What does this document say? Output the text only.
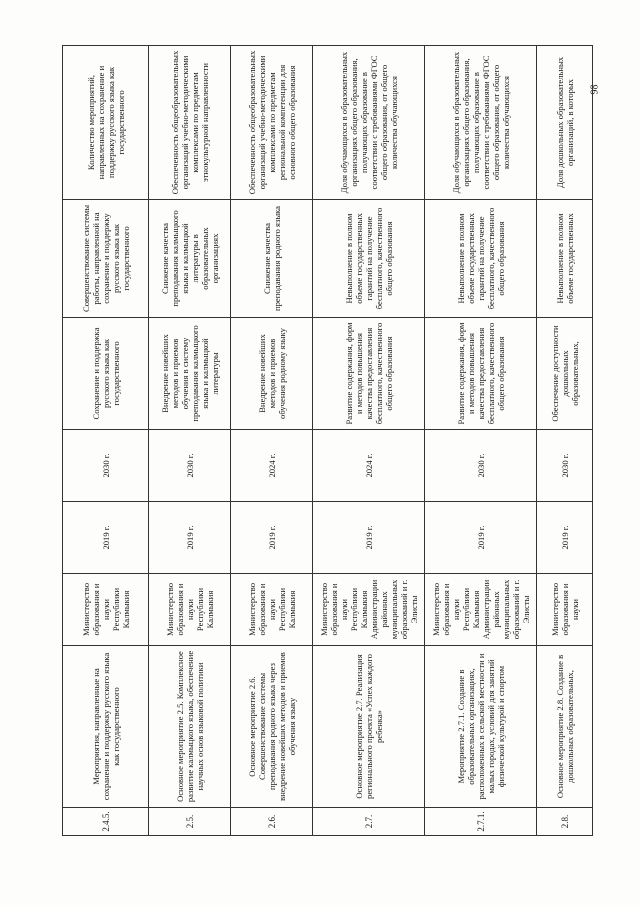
98
2.4.5.	Мероприятия, направленные на сохранение и поддержку русского языка как государственного	Министерство образования и науки Республики Калмыкия	2019 г.	2030 г.	Сохранение и поддержка русского языка как государственного	Совершенствование системы работы, направленной на сохранение и поддержку русского языка как государственного	Количество мероприятий, направленных на сохранение и поддержку русского языка как государственного
2.5.	Основное мероприятие 2.5. Комплексное развитие калмыцкого языка, обеспечение научных основ языковой политики	Министерство образования и науки Республики Калмыкия	2019 г.	2030 г.	Внедрение новейших методов и приемов обучения в систему преподавания калмыцкого языка и калмыцкой литературы	Снижение качества преподавания калмыцкого языка и калмыцкой литературы в образовательных организациях	Обеспеченность общеобразовательных организаций учебно-методическими комплексами по предметам этнокультурной направленности
2.6.	Основное мероприятие 2.6. Совершенствование системы преподавания родного языка через внедрение новейших методов и приемов обучения языку	Министерство образования и науки Республики Калмыкия	2019 г.	2024 г.	Внедрение новейших методов и приемов обучения родному языку	Снижение качества преподавания родного языка	Обеспеченность общеобразовательных организаций учебно-методическими комплексами по предметам региональной компетенции для основного общего образования
2.7.	Основное мероприятие 2.7. Реализация регионального проекта «Успех каждого ребенка»	Министерство образования и науки Республики Калмыкия Администрации районных муниципальных образований и г. Элисты	2019 г.	2024 г.	Развитие содержания, форм и методов повышения качества предоставления бесплатного, качественного общего образования	Невыполнение в полном объеме государственных гарантий на получение бесплатного, качественного общего образования	Доля обучающихся в образовательных организациях общего образования, получающих образование в соответствии с требованиями ФГОС общего образования, от общего количества обучающихся
2.7.1.	Мероприятие 2.7.1. Создание в образовательных организациях, расположенных в сельской местности и малых городах, условий для занятий физической культурой и спортом	Министерство образования и науки Республики Калмыкия Администрации районных муниципальных образований и г. Элисты	2019 г.	2030 г.	Развитие содержания, форм и методов повышения качества предоставления бесплатного, качественного общего образования	Невыполнение в полном объеме государственных гарантий на получение бесплатного, качественного общего образования	Доля обучающихся в образовательных организациях общего образования, получающих образование в соответствии с требованиями ФГОС общего образования, от общего количества обучающихся
2.8.	Основное мероприятие 2.8. Создание в дошкольных образовательных,	Министерство образования и науки	2019 г.	2030 г.	Обеспечение доступности дошкольных образовательных,	Невыполнение в полном объеме государственных	Доля дошкольных образовательных организаций, в которых
